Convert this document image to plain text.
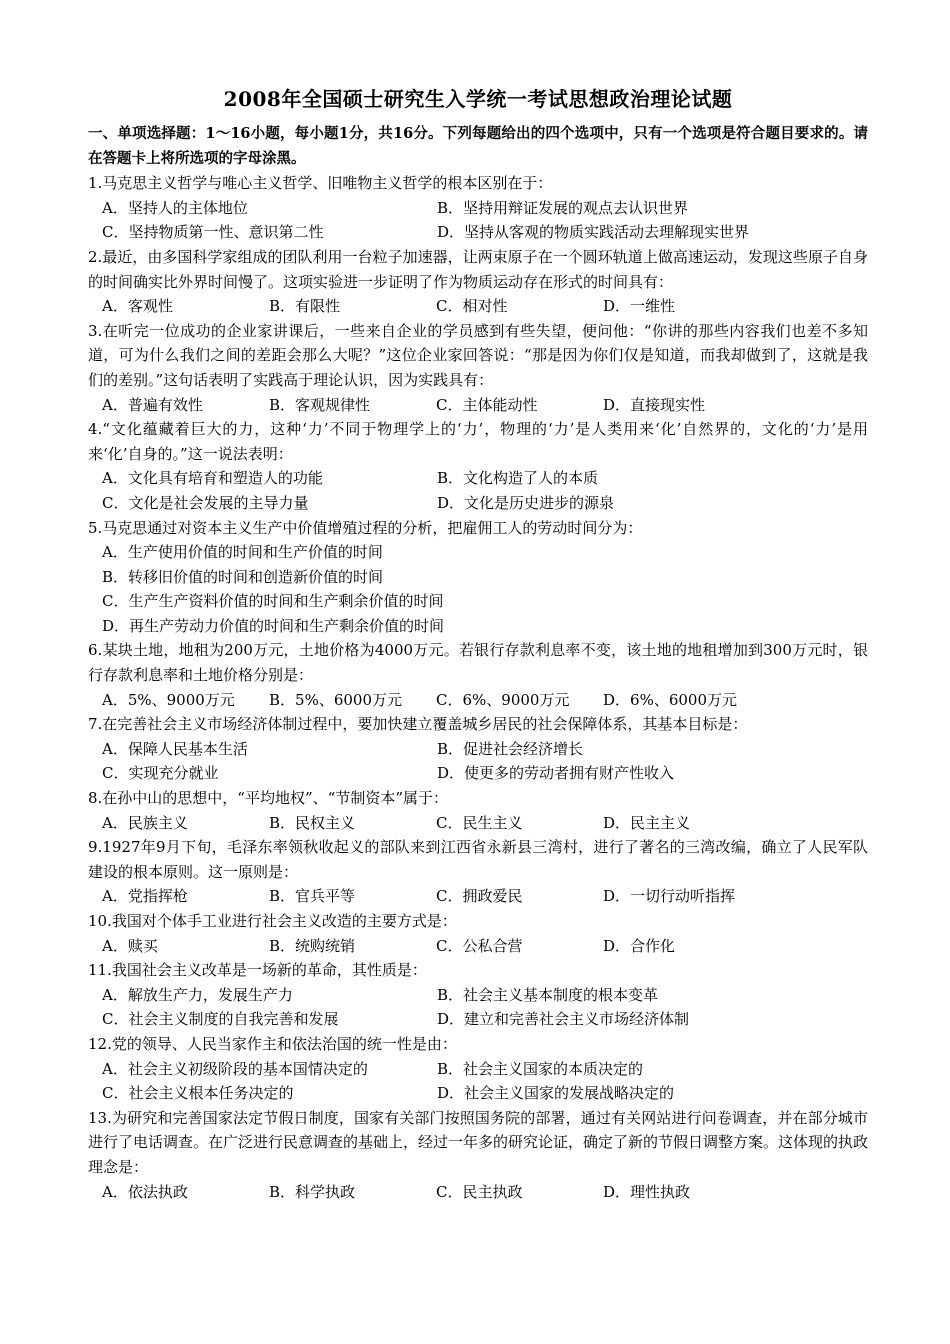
2008年全国硕士研究生入学统一考试思想政治理论试题
一、单项选择题：1～16小题，每小题1分，共16分。下列每题给出的四个选项中，只有一个选项是符合题目要求的。请在答题卡上将所选项的字母涂黑。
1.马克思主义哲学与唯心主义哲学、旧唯物主义哲学的根本区别在于：
A．坚持人的主体地位	B．坚持用辩证发展的观点去认识世界
C．坚持物质第一性、意识第二性	D．坚持从客观的物质实践活动去理解现实世界
2.最近，由多国科学家组成的团队利用一台粒子加速器，让两束原子在一个圆环轨道上做高速运动，发现这些原子自身的时间确实比外界时间慢了。这项实验进一步证明了作为物质运动存在形式的时间具有：
A．客观性	B．有限性	C．相对性	D．一维性
3.在听完一位成功的企业家讲课后，一些来自企业的学员感到有些失望，便问他：“你讲的那些内容我们也差不多知道，可为什么我们之间的差距会那么大呢？”这位企业家回答说：“那是因为你们仅是知道，而我却做到了，这就是我们的差别。”这句话表明了实践高于理论认识，因为实践具有：
A．普遍有效性	B．客观规律性	C．主体能动性	D．直接现实性
4.“文化蕴藏着巨大的力，这种‘力’不同于物理学上的‘力’，物理的‘力’是人类用来‘化’自然界的，文化的‘力’是用来‘化’自身的。”这一说法表明：
A．文化具有培育和塑造人的功能	B．文化构造了人的本质
C．文化是社会发展的主导力量	D．文化是历史进步的源泉
5.马克思通过对资本主义生产中价值增殖过程的分析，把雇佣工人的劳动时间分为：
A．生产使用价值的时间和生产价值的时间
B．转移旧价值的时间和创造新价值的时间
C．生产生产资料价值的时间和生产剩余价值的时间
D．再生产劳动力价值的时间和生产剩余价值的时间
6.某块土地，地租为200万元，土地价格为4000万元。若银行存款利息率不变，该土地的地租增加到300万元时，银行存款利息率和土地价格分别是：
A．5%、9000万元	B．5%、6000万元	C．6%、9000万元	D．6%、6000万元
7.在完善社会主义市场经济体制过程中，要加快建立覆盖城乡居民的社会保障体系，其基本目标是：
A．保障人民基本生活	B．促进社会经济增长
C．实现充分就业	D．使更多的劳动者拥有财产性收入
8.在孙中山的思想中，“平均地权”、“节制资本”属于：
A．民族主义	B．民权主义	C．民生主义	D．民主主义
9.1927年9月下旬，毛泽东率领秋收起义的部队来到江西省永新县三湾村，进行了著名的三湾改编，确立了人民军队建设的根本原则。这一原则是：
A．党指挥枪	B．官兵平等	C．拥政爱民	D．一切行动听指挥
10.我国对个体手工业进行社会主义改造的主要方式是：
A．赎买	B．统购统销	C．公私合营	D．合作化
11.我国社会主义改革是一场新的革命，其性质是：
A．解放生产力，发展生产力	B．社会主义基本制度的根本变革
C．社会主义制度的自我完善和发展	D．建立和完善社会主义市场经济体制
12.党的领导、人民当家作主和依法治国的统一性是由：
A．社会主义初级阶段的基本国情决定的	B．社会主义国家的本质决定的
C．社会主义根本任务决定的	D．社会主义国家的发展战略决定的
13.为研究和完善国家法定节假日制度，国家有关部门按照国务院的部署，通过有关网站进行问卷调查，并在部分城市进行了电话调查。在广泛进行民意调查的基础上，经过一年多的研究论证，确定了新的节假日调整方案。这体现的执政理念是：
A．依法执政	B．科学执政	C．民主执政	D．理性执政
